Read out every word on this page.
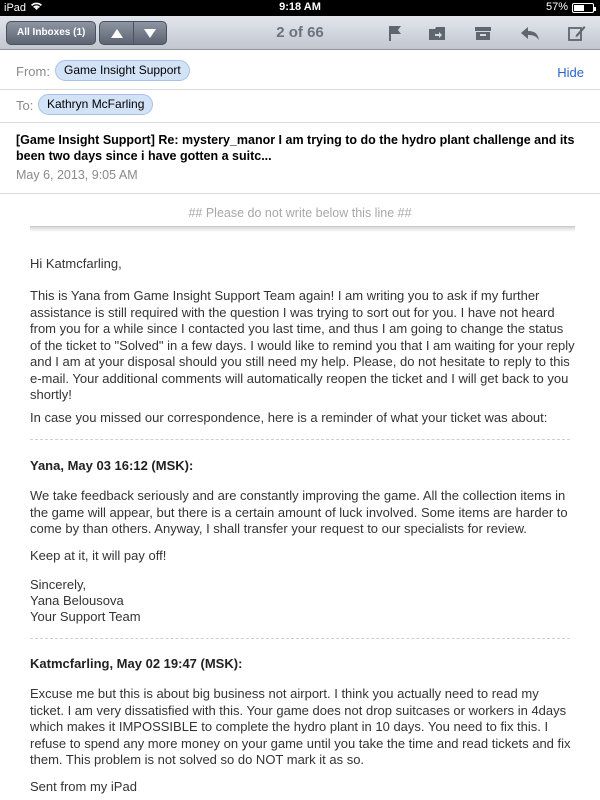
iPad	9:18 AM	57%
All Inboxes (1)	2 of 66
From:	Game Insight Support	Hide
To:	Kathryn McFarling
[Game Insight Support] Re: mystery_manor I am trying to do the hydro plant challenge and its been two days since i have gotten a suitc...
May 6, 2013, 9:05 AM
## Please do not write below this line ##
Hi Katmcfarling,
This is Yana from Game Insight Support Team again! I am writing you to ask if my further assistance is still required with the question I was trying to sort out for you. I have not heard from you for a while since I contacted you last time, and thus I am going to change the status of the ticket to "Solved" in a few days. I would like to remind you that I am waiting for your reply and I am at your disposal should you still need my help. Please, do not hesitate to reply to this e-mail. Your additional comments will automatically reopen the ticket and I will get back to you shortly!
In case you missed our correspondence, here is a reminder of what your ticket was about:
Yana, May 03 16:12 (MSK):
We take feedback seriously and are constantly improving the game. All the collection items in the game will appear, but there is a certain amount of luck involved. Some items are harder to come by than others. Anyway, I shall transfer your request to our specialists for review.
Keep at it, it will pay off!
Sincerely,
Yana Belousova
Your Support Team
Katmcfarling, May 02 19:47 (MSK):
Excuse me but this is about big business not airport. I think you actually need to read my ticket. I am very dissatisfied with this. Your game does not drop suitcases or workers in 4days which makes it IMPOSSIBLE to complete the hydro plant in 10 days. You need to fix this. I refuse to spend any more money on your game until you take the time and read tickets and fix them. This problem is not solved so do NOT mark it as so.
Sent from my iPad
